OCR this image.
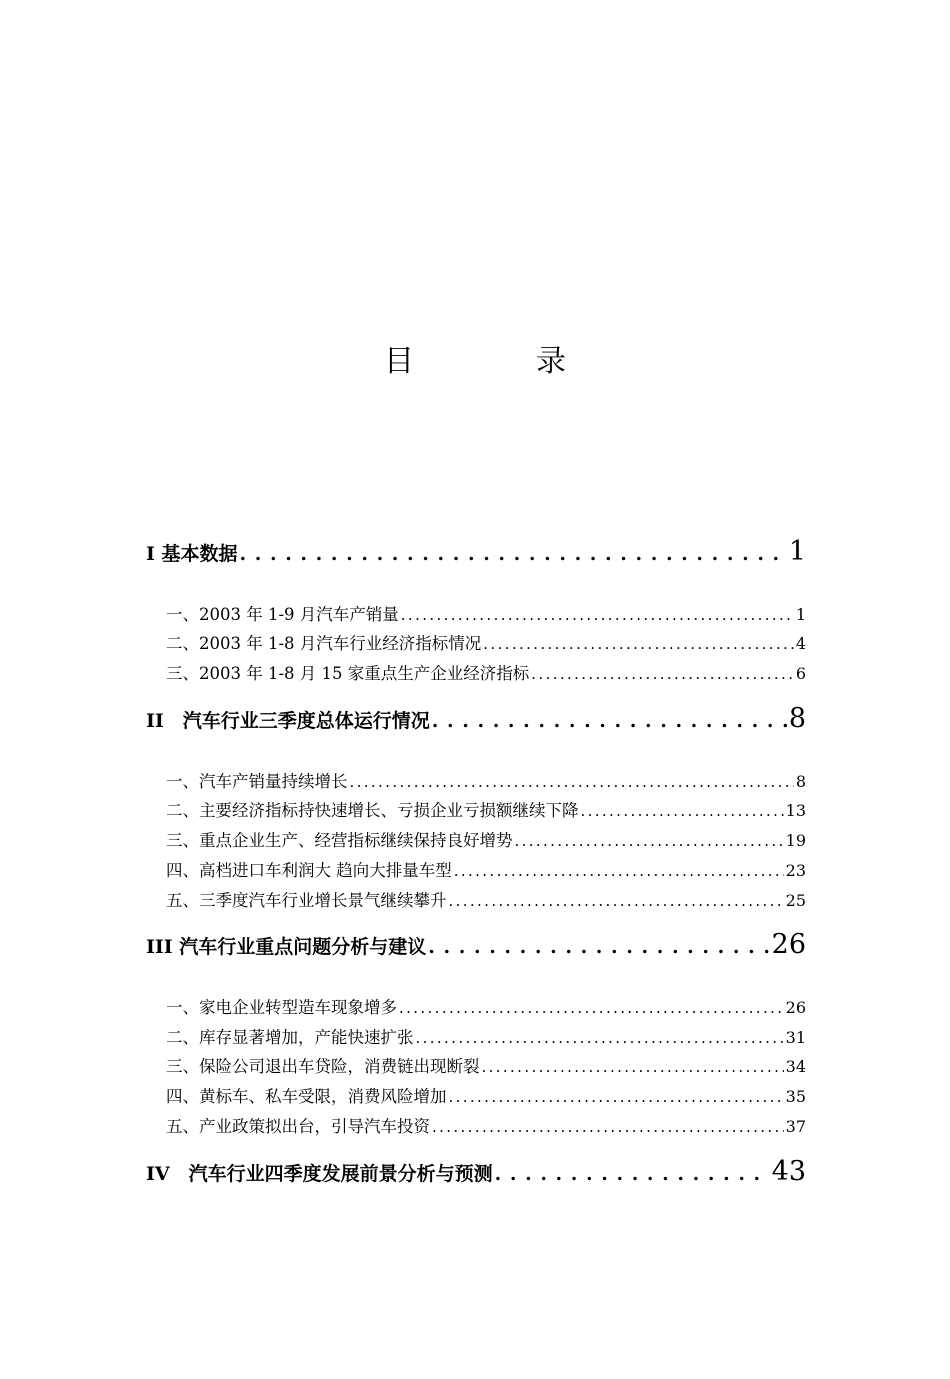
目　录
I 基本数据 . . .	1
一、2003 年 1-9 月汽车产销量 . . .	1
二、2003 年 1-8 月汽车行业经济指标情况 . . .	4
三、2003 年 1-8 月 15 家重点生产企业经济指标 . . .	6
II　汽车行业三季度总体运行情况 . . .	8
一、汽车产销量持续增长 . . .	8
二、主要经济指标持快速增长、亏损企业亏损额继续下降 . . .	13
三、重点企业生产、经营指标继续保持良好增势 . . .	19
四、高档进口车利润大 趋向大排量车型 . . .	23
五、三季度汽车行业增长景气继续攀升 . . .	25
III 汽车行业重点问题分析与建议 . . .	26
一、家电企业转型造车现象增多 . . .	26
二、库存显著增加，产能快速扩张 . . .	31
三、保险公司退出车贷险，消费链出现断裂 . . .	34
四、黄标车、私车受限，消费风险增加 . . .	35
五、产业政策拟出台，引导汽车投资 . . .	37
IV　汽车行业四季度发展前景分析与预测 . . .	43
